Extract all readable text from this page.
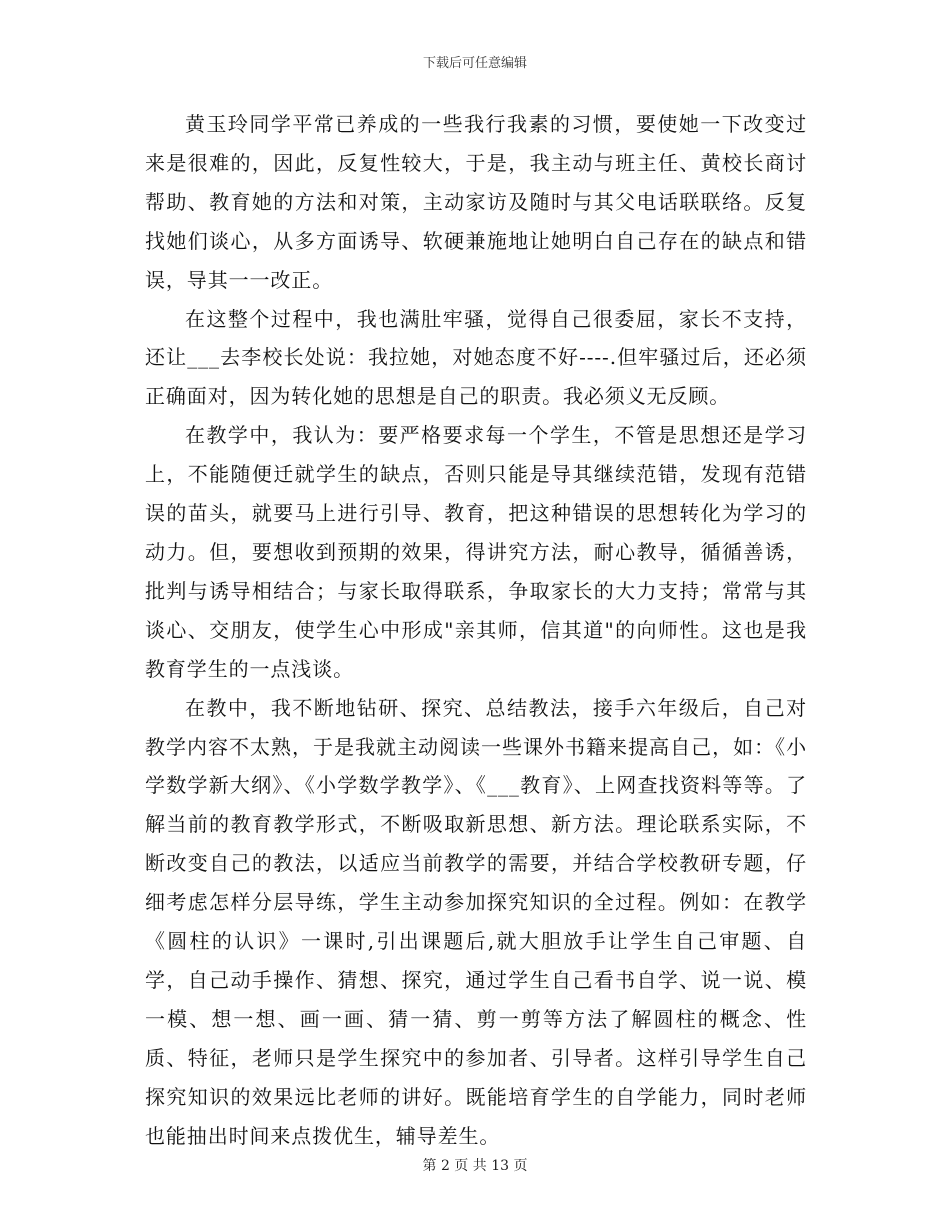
下载后可任意编辑

黄玉玲同学平常已养成的一些我行我素的习惯，要使她一下改变过来是很难的，因此，反复性较大，于是，我主动与班主任、黄校长商讨帮助、教育她的方法和对策，主动家访及随时与其父电话联联络。反复找她们谈心，从多方面诱导、软硬兼施地让她明白自己存在的缺点和错误，导其一一改正。

在这整个过程中，我也满肚牢骚，觉得自己很委屈，家长不支持，还让___去李校长处说：我拉她，对她态度不好----.但牢骚过后，还必须正确面对，因为转化她的思想是自己的职责。我必须义无反顾。

在教学中，我认为：要严格要求每一个学生，不管是思想还是学习上，不能随便迁就学生的缺点，否则只能是导其继续范错，发现有范错误的苗头，就要马上进行引导、教育，把这种错误的思想转化为学习的动力。但，要想收到预期的效果，得讲究方法，耐心教导，循循善诱，批判与诱导相结合；与家长取得联系，争取家长的大力支持；常常与其谈心、交朋友，使学生心中形成"亲其师，信其道"的向师性。这也是我教育学生的一点浅谈。

在教中，我不断地钻研、探究、总结教法，接手六年级后，自己对教学内容不太熟，于是我就主动阅读一些课外书籍来提高自己，如：《小学数学新大纲》、《小学数学教学》、《___教育》、上网查找资料等等。了解当前的教育教学形式，不断吸取新思想、新方法。理论联系实际，不断改变自己的教法，以适应当前教学的需要，并结合学校教研专题，仔细考虑怎样分层导练，学生主动参加探究知识的全过程。例如：在教学《圆柱的认识》一课时,引出课题后,就大胆放手让学生自己审题、自学，自己动手操作、猜想、探究，通过学生自己看书自学、说一说、模一模、想一想、画一画、猜一猜、剪一剪等方法了解圆柱的概念、性质、特征，老师只是学生探究中的参加者、引导者。这样引导学生自己探究知识的效果远比老师的讲好。既能培育学生的自学能力，同时老师也能抽出时间来点拨优生，辅导差生。

第 2 页 共 13 页
